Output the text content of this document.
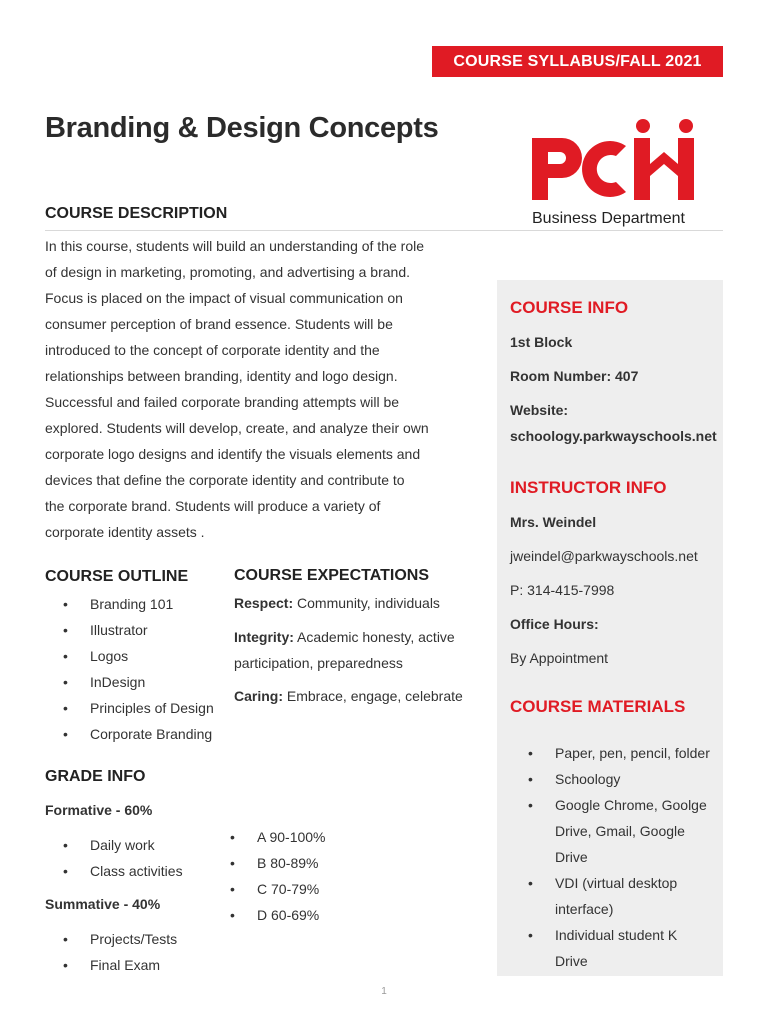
COURSE SYLLABUS/FALL 2021
Branding & Design Concepts
Business Department
COURSE DESCRIPTION
In this course, students will build an understanding of the role
of design in marketing, promoting, and advertising a brand.
Focus is placed on the impact of visual communication on
consumer perception of brand essence. Students will be
introduced to the concept of corporate identity and the
relationships between branding, identity and logo design.
Successful and failed corporate branding attempts will be
explored. Students will develop, create, and analyze their own
corporate logo designs and identify the visuals elements and
devices that define the corporate identity and contribute to
the corporate brand. Students will produce a variety of
corporate identity assets .
COURSE OUTLINE
• Branding 101
• Illustrator
• Logos
• InDesign
• Principles of Design
• Corporate Branding
COURSE EXPECTATIONS
Respect: Community, individuals
Integrity: Academic honesty, active
participation, preparedness
Caring: Embrace, engage, celebrate
GRADE INFO
Formative - 60%
• Daily work
• Class activities
Summative - 40%
• Projects/Tests
• Final Exam
• A 90-100%
• B 80-89%
• C 70-79%
• D 60-69%
COURSE INFO
1st Block
Room Number: 407
Website:
schoology.parkwayschools.net
INSTRUCTOR INFO
Mrs. Weindel
jweindel@parkwayschools.net
P: 314-415-7998
Office Hours:
By Appointment
COURSE MATERIALS
• Paper, pen, pencil, folder
• Schoology
• Google Chrome, Goolge
Drive, Gmail, Google
Drive
• VDI (virtual desktop
interface)
• Individual student K
Drive
1
